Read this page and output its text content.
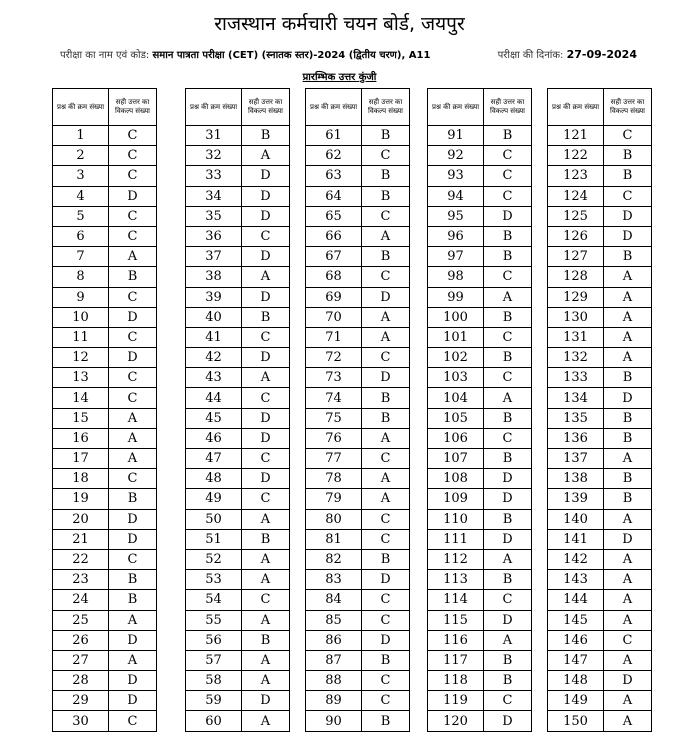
राजस्थान कर्मचारी चयन बोर्ड, जयपुर
परीक्षा का नाम एवं कोड: समान पात्रता परीक्षा (CET) (स्नातक स्तर)-2024 (द्वितीय चरण), A11	परीक्षा की दिनांक: 27-09-2024
प्रारम्भिक उत्तर कुंजी
प्रश्न की क्रम संख्या	सही उत्तर का विकल्प संख्या
1	C
2	C
3	C
4	D
5	C
6	C
7	A
8	B
9	C
10	D
11	C
12	D
13	C
14	C
15	A
16	A
17	A
18	C
19	B
20	D
21	D
22	C
23	B
24	B
25	A
26	D
27	A
28	D
29	D
30	C
प्रश्न की क्रम संख्या	सही उत्तर का विकल्प संख्या
31	B
32	A
33	D
34	D
35	D
36	C
37	D
38	A
39	D
40	B
41	C
42	D
43	A
44	C
45	D
46	D
47	C
48	D
49	C
50	A
51	B
52	A
53	A
54	C
55	A
56	B
57	A
58	A
59	D
60	A
प्रश्न की क्रम संख्या	सही उत्तर का विकल्प संख्या
61	B
62	C
63	B
64	B
65	C
66	A
67	B
68	C
69	D
70	A
71	A
72	C
73	D
74	B
75	B
76	A
77	C
78	A
79	A
80	C
81	C
82	B
83	D
84	C
85	C
86	D
87	B
88	C
89	C
90	B
प्रश्न की क्रम संख्या	सही उत्तर का विकल्प संख्या
91	B
92	C
93	C
94	C
95	D
96	B
97	B
98	C
99	A
100	B
101	C
102	B
103	C
104	A
105	B
106	C
107	B
108	D
109	D
110	B
111	D
112	A
113	B
114	C
115	D
116	A
117	B
118	B
119	C
120	D
प्रश्न की क्रम संख्या	सही उत्तर का विकल्प संख्या
121	C
122	B
123	B
124	C
125	D
126	D
127	B
128	A
129	A
130	A
131	A
132	A
133	B
134	D
135	B
136	B
137	A
138	B
139	B
140	A
141	D
142	A
143	A
144	A
145	A
146	C
147	A
148	D
149	A
150	A
